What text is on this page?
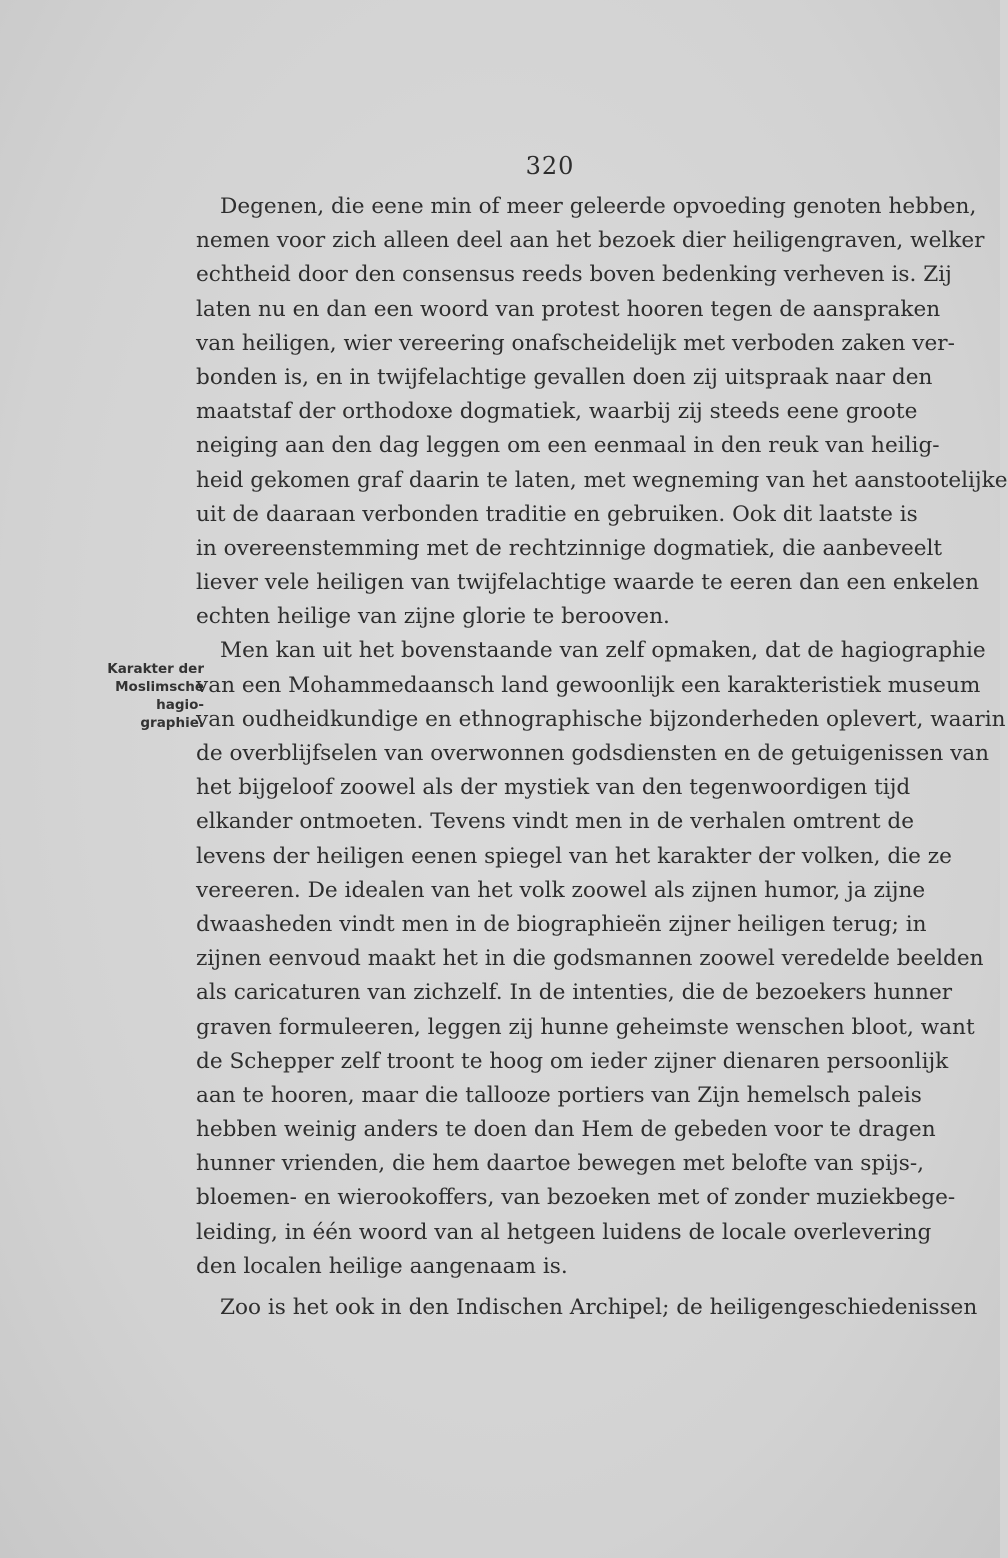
320
Karakter der
Moslimsche
hagio-
graphie.
Degenen, die eene min of meer geleerde opvoeding genoten hebben,
nemen voor zich alleen deel aan het bezoek dier heiligengraven, welker
echtheid door den consensus reeds boven bedenking verheven is. Zij
laten nu en dan een woord van protest hooren tegen de aanspraken
van heiligen, wier vereering onafscheidelijk met verboden zaken ver-
bonden is, en in twijfelachtige gevallen doen zij uitspraak naar den
maatstaf der orthodoxe dogmatiek, waarbij zij steeds eene groote
neiging aan den dag leggen om een eenmaal in den reuk van heilig-
heid gekomen graf daarin te laten, met wegneming van het aanstootelijke
uit de daaraan verbonden traditie en gebruiken. Ook dit laatste is
in overeenstemming met de rechtzinnige dogmatiek, die aanbeveelt
liever vele heiligen van twijfelachtige waarde te eeren dan een enkelen
echten heilige van zijne glorie te berooven.
Men kan uit het bovenstaande van zelf opmaken, dat de hagiographie
van een Mohammedaansch land gewoonlijk een karakteristiek museum
van oudheidkundige en ethnographische bijzonderheden oplevert, waarin
de overblijfselen van overwonnen godsdiensten en de getuigenissen van
het bijgeloof zoowel als der mystiek van den tegenwoordigen tijd
elkander ontmoeten. Tevens vindt men in de verhalen omtrent de
levens der heiligen eenen spiegel van het karakter der volken, die ze
vereeren. De idealen van het volk zoowel als zijnen humor, ja zijne
dwaasheden vindt men in de biographieën zijner heiligen terug; in
zijnen eenvoud maakt het in die godsmannen zoowel veredelde beelden
als caricaturen van zichzelf. In de intenties, die de bezoekers hunner
graven formuleeren, leggen zij hunne geheimste wenschen bloot, want
de Schepper zelf troont te hoog om ieder zijner dienaren persoonlijk
aan te hooren, maar die tallooze portiers van Zijn hemelsch paleis
hebben weinig anders te doen dan Hem de gebeden voor te dragen
hunner vrienden, die hem daartoe bewegen met belofte van spijs-,
bloemen- en wierookoffers, van bezoeken met of zonder muziekbege-
leiding, in één woord van al hetgeen luidens de locale overlevering
den localen heilige aangenaam is.
Zoo is het ook in den Indischen Archipel; de heiligengeschiedenissen
